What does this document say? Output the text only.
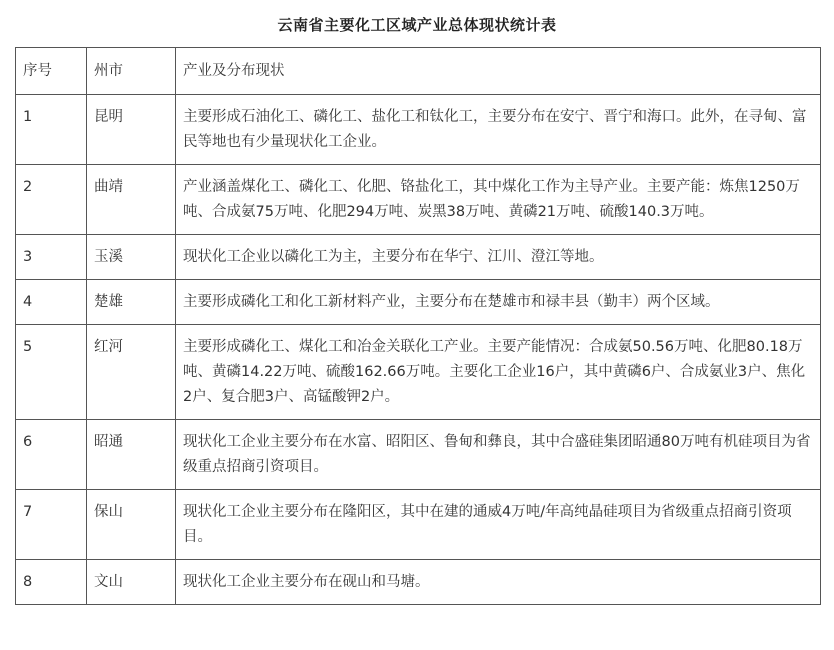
云南省主要化工区域产业总体现状统计表
序号	州市	产业及分布现状
1	昆明	主要形成石油化工、磷化工、盐化工和钛化工，主要分布在安宁、晋宁和海口。此外，在寻甸、富民等地也有少量现状化工企业。
2	曲靖	产业涵盖煤化工、磷化工、化肥、铬盐化工，其中煤化工作为主导产业。主要产能：炼焦1250万吨、合成氨75万吨、化肥294万吨、炭黑38万吨、黄磷21万吨、硫酸140.3万吨。
3	玉溪	现状化工企业以磷化工为主，主要分布在华宁、江川、澄江等地。
4	楚雄	主要形成磷化工和化工新材料产业，主要分布在楚雄市和禄丰县（勤丰）两个区域。
5	红河	主要形成磷化工、煤化工和冶金关联化工产业。主要产能情况：合成氨50.56万吨、化肥80.18万吨、黄磷14.22万吨、硫酸162.66万吨。主要化工企业16户，其中黄磷6户、合成氨业3户、焦化2户、复合肥3户、高锰酸钾2户。
6	昭通	现状化工企业主要分布在水富、昭阳区、鲁甸和彝良，其中合盛硅集团昭通80万吨有机硅项目为省级重点招商引资项目。
7	保山	现状化工企业主要分布在隆阳区，其中在建的通威4万吨/年高纯晶硅项目为省级重点招商引资项目。
8	文山	现状化工企业主要分布在砚山和马塘。
